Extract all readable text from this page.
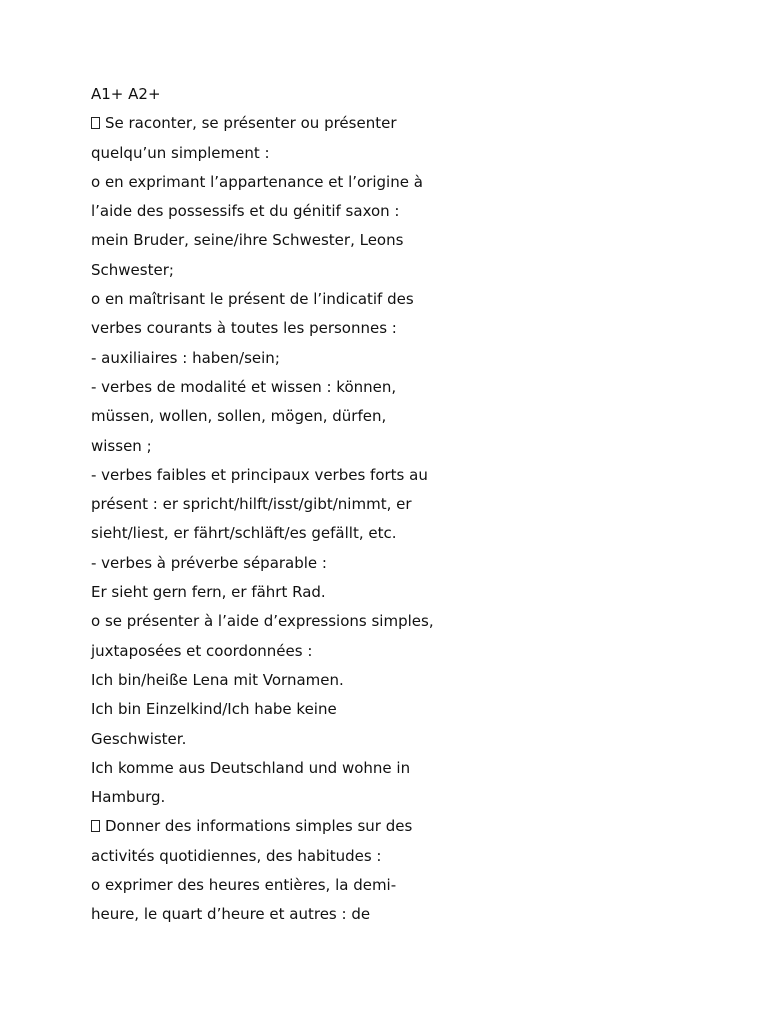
A1+ A2+
Se raconter, se présenter ou présenter
quelqu’un simplement :
o en exprimant l’appartenance et l’origine à
l’aide des possessifs et du génitif saxon :
mein Bruder, seine/ihre Schwester, Leons
Schwester;
o en maîtrisant le présent de l’indicatif des
verbes courants à toutes les personnes :
- auxiliaires : haben/sein;
- verbes de modalité et wissen : können,
müssen, wollen, sollen, mögen, dürfen,
wissen ;
- verbes faibles et principaux verbes forts au
présent : er spricht/hilft/isst/gibt/nimmt, er
sieht/liest, er fährt/schläft/es gefällt, etc.
- verbes à préverbe séparable :
Er sieht gern fern, er fährt Rad.
o se présenter à l’aide d’expressions simples,
juxtaposées et coordonnées :
Ich bin/heiße Lena mit Vornamen.
Ich bin Einzelkind/Ich habe keine
Geschwister.
Ich komme aus Deutschland und wohne in
Hamburg.
Donner des informations simples sur des
activités quotidiennes, des habitudes :
o exprimer des heures entières, la demi-
heure, le quart d’heure et autres : de
